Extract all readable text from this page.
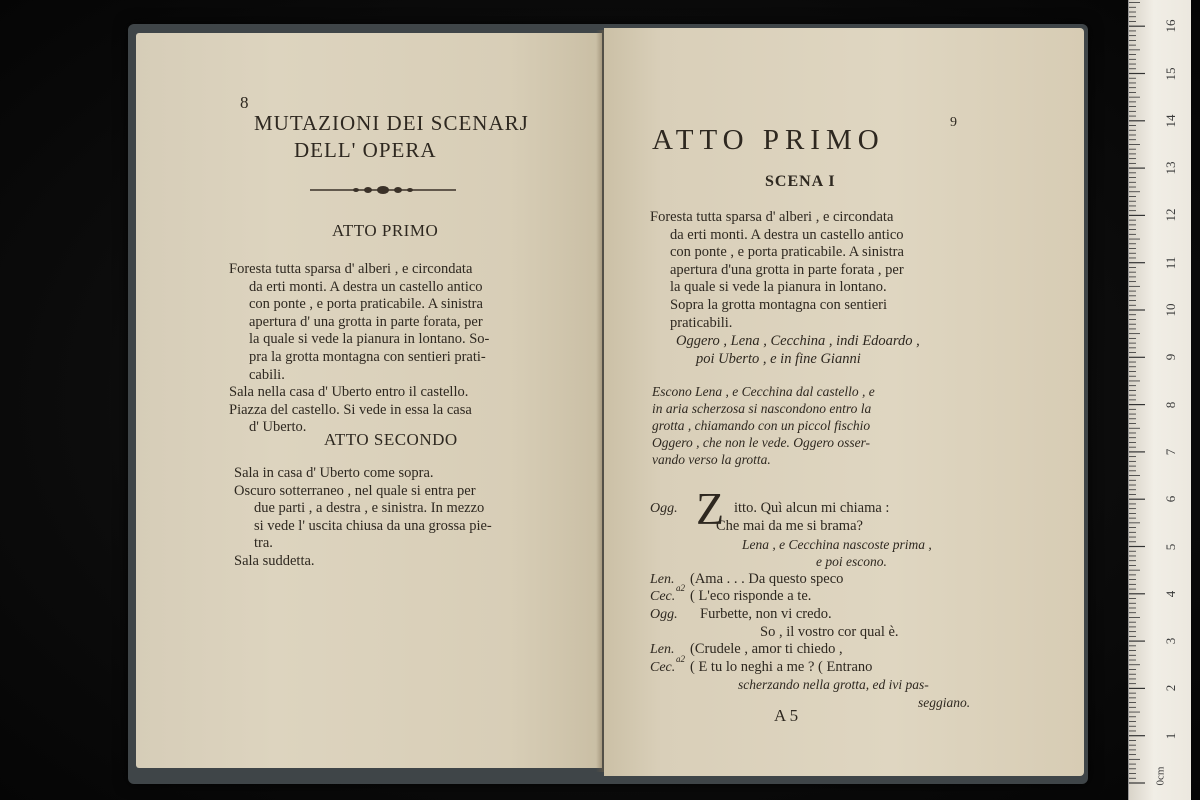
8
MUTAZIONI DEI SCENARJ
DELL' OPERA
ATTO PRIMO
Foresta tutta sparsa d' alberi , e circondata
da erti monti. A destra un castello antico
con ponte , e porta praticabile. A sinistra
apertura d' una grotta in parte forata, per
la quale si vede la pianura in lontano. So-
pra la grotta montagna con sentieri prati-
cabili.
Sala nella casa d' Uberto entro il castello.
Piazza del castello. Si vede in essa la casa
d' Uberto.
ATTO SECONDO
Sala in casa d' Uberto come sopra.
Oscuro sotterraneo , nel quale si entra per
due parti , a destra , e sinistra. In mezzo
si vede l' uscita chiusa da una grossa pie-
tra.
Sala suddetta.
ATTO PRIMO
9
SCENA I
Foresta tutta sparsa d' alberi , e circondata
da erti monti. A destra un castello antico
con ponte , e porta praticabile. A sinistra
apertura d'una grotta in parte forata , per
la quale si vede la pianura in lontano.
Sopra la grotta montagna con sentieri
praticabili.
Oggero , Lena , Cecchina , indi Edoardo ,
poi Uberto , e in fine Gianni
Escono Lena , e Cecchina dal castello , e
in aria scherzosa si nascondono entro la
grotta , chiamando con un piccol fischio
Oggero , che non le vede. Oggero osser-
vando verso la grotta.
Ogg. Z itto. Quì alcun mi chiama :
Che mai da me si brama?
Lena , e Cecchina nascoste prima ,
e poi escono.
Len. (Ama . . . Da questo speco
Cec.
a2 ( L'eco risponde a te.
Ogg. Furbette, non vi credo.
So , il vostro cor qual è.
Len. (Crudele , amor ti chiedo ,
Cec.
a2 ( E tu lo neghi a me ? ( Entrano
scherzando nella grotta, ed ivi pas-
seggiano.
A 5
1
2
3
4
5
6
7
8
9
10
11
12
13
14
15
16
0cm
